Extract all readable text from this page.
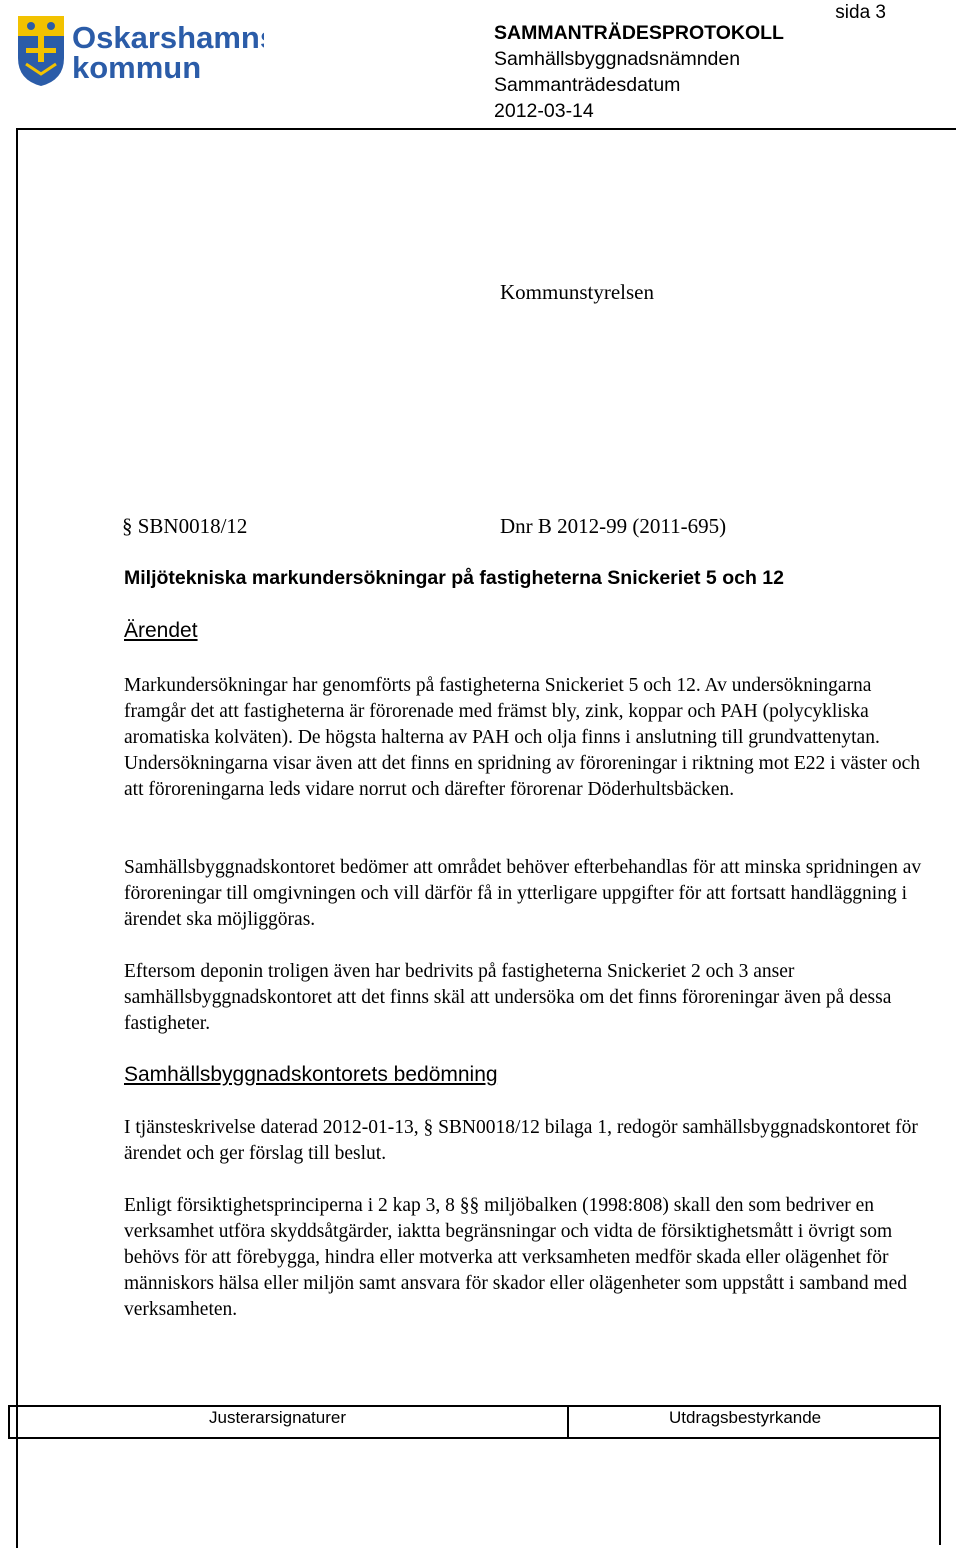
Oskarshamns
kommun
SAMMANTRÄDESPROTOKOLL
Samhällsbyggnadsnämnden
Sammanträdesdatum
2012-03-14
sida 3
Kommunstyrelsen
§ SBN0018/12	Dnr B 2012-99 (2011-695)
Miljötekniska markundersökningar på fastigheterna Snickeriet 5 och 12
Ärendet
Markundersökningar har genomförts på fastigheterna Snickeriet 5 och 12. Av undersökningarna framgår det att fastigheterna är förorenade med främst bly, zink, koppar och PAH (polycykliska aromatiska kolväten). De högsta halterna av PAH och olja finns i anslutning till grundvattenytan. Undersökningarna visar även att det finns en spridning av föroreningar i riktning mot E22 i väster och att föroreningarna leds vidare norrut och därefter förorenar Döderhultsbäcken.
Samhällsbyggnadskontoret bedömer att området behöver efterbehandlas för att minska spridningen av föroreningar till omgivningen och vill därför få in ytterligare uppgifter för att fortsatt handläggning i ärendet ska möjliggöras.
Eftersom deponin troligen även har bedrivits på fastigheterna Snickeriet 2 och 3 anser samhällsbyggnadskontoret att det finns skäl att undersöka om det finns föroreningar även på dessa fastigheter.
Samhällsbyggnadskontorets bedömning
I tjänsteskrivelse daterad 2012-01-13, § SBN0018/12 bilaga 1, redogör samhällsbyggnadskontoret för ärendet och ger förslag till beslut.
Enligt försiktighetsprinciperna i 2 kap 3, 8 §§ miljöbalken (1998:808) skall den som bedriver en verksamhet utföra skyddsåtgärder, iaktta begränsningar och vidta de försiktighetsmått i övrigt som behövs för att förebygga, hindra eller motverka att verksamheten medför skada eller olägenhet för människors hälsa eller miljön samt ansvara för skador eller olägenheter som uppstått i samband med verksamheten.
Justerarsignaturer	Utdragsbestyrkande
